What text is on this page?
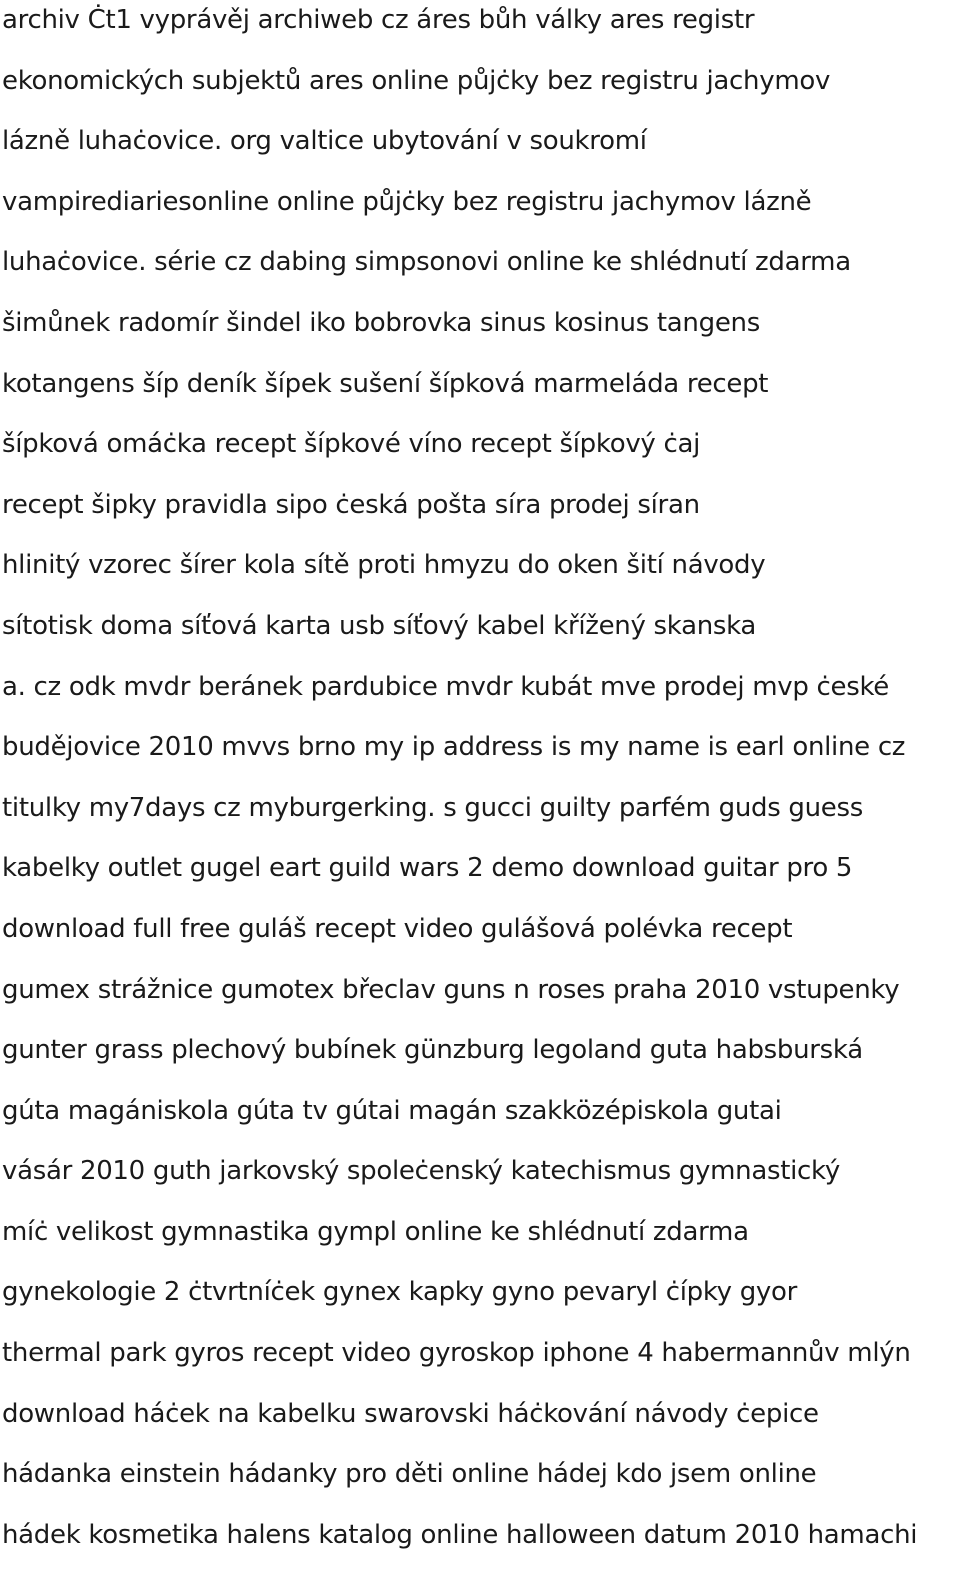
archiv Ċt1 vyprávěj archiweb cz áres bůh války ares registr
ekonomických subjektů ares online půjċky bez registru jachymov
lázně luhaċovice. org valtice ubytování v soukromí
vampirediariesonline online půjċky bez registru jachymov lázně
luhaċovice. série cz dabing simpsonovi online ke shlédnutí zdarma
šimůnek radomír šindel iko bobrovka sinus kosinus tangens
kotangens šíp deník šípek sušení šípková marmeláda recept
šípková omáċka recept šípkové víno recept šípkový ċaj
recept šipky pravidla sipo ċeská pošta síra prodej síran
hlinitý vzorec šírer kola sítě proti hmyzu do oken šití návody
sítotisk doma síťová karta usb síťový kabel křížený skanska
a. cz odk mvdr beránek pardubice mvdr kubát mve prodej mvp ċeské
budějovice 2010 mvvs brno my ip address is my name is earl online cz
titulky my7days cz myburgerking. s gucci guilty parfém guds guess
kabelky outlet gugel eart guild wars 2 demo download guitar pro 5
download full free guláš recept video gulášová polévka recept
gumex strážnice gumotex břeclav guns n roses praha 2010 vstupenky
gunter grass plechový bubínek günzburg legoland guta habsburská
gúta magániskola gúta tv gútai magán szakközépiskola gutai
vásár 2010 guth jarkovský spoleċenský katechismus gymnastický
míċ velikost gymnastika gympl online ke shlédnutí zdarma
gynekologie 2 ċtvrtníċek gynex kapky gyno pevaryl ċípky gyor
thermal park gyros recept video gyroskop iphone 4 habermannův mlýn
download háċek na kabelku swarovski háċkování návody ċepice
hádanka einstein hádanky pro děti online hádej kdo jsem online
hádek kosmetika halens katalog online halloween datum 2010 hamachi
